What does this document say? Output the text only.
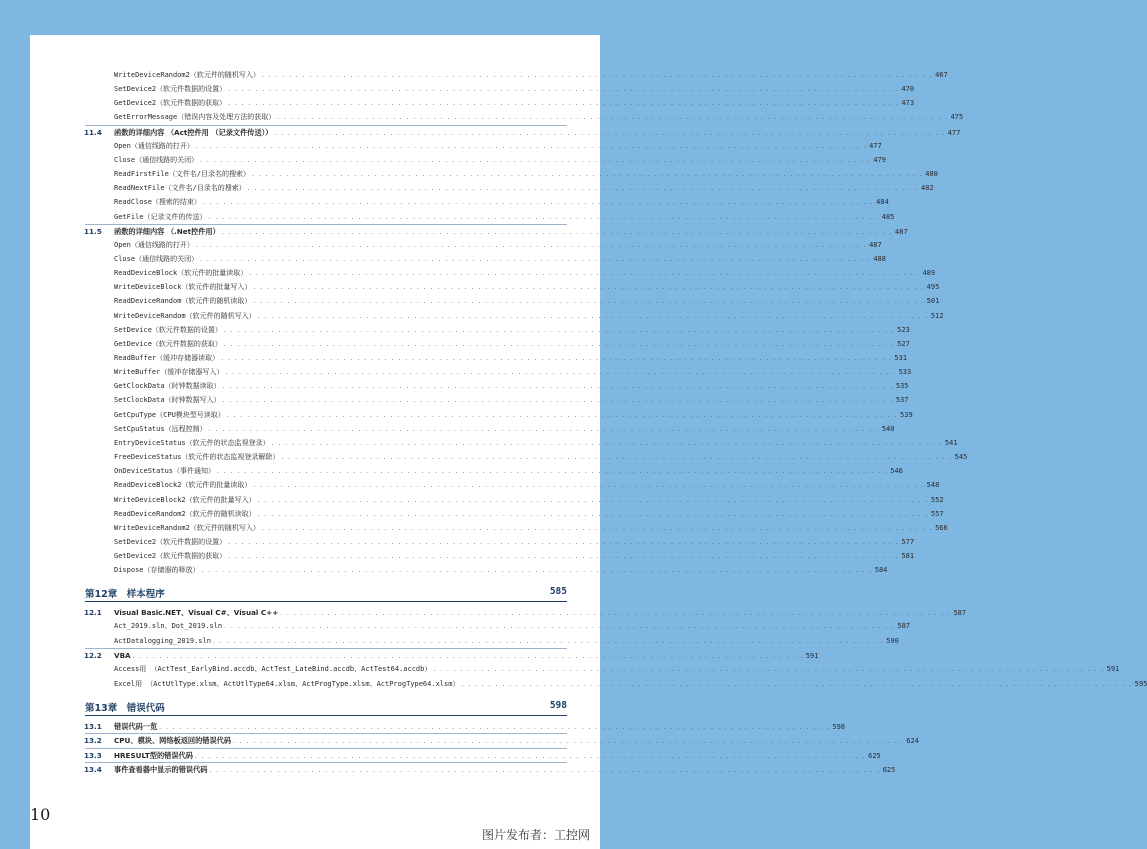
WriteDeviceRandom2（软元件的随机写入） . . . . . . . . . . . . . . . . . . . . . . . . . . . . . . . . . . . . . . . . . . . . . . . . . . . . . . . . . . . . . . . . . . . . . . . . . . . . . . . . . . . . . . . . . . . . . . . . . . . 467
SetDevice2（软元件数据的设置） . . . . . . . . . . . . . . . . . . . . . . . . . . . . . . . . . . . . . . . . . . . . . . . . . . . . . . . . . . . . . . . . . . . . . . . . . . . . . . . . . . . . . . . . . . . . . . . . . . . 470
GetDevice2（软元件数据的获取） . . . . . . . . . . . . . . . . . . . . . . . . . . . . . . . . . . . . . . . . . . . . . . . . . . . . . . . . . . . . . . . . . . . . . . . . . . . . . . . . . . . . . . . . . . . . . . . . . . . 473
GetErrorMessage（错误内容及处理方法的获取） . . . . . . . . . . . . . . . . . . . . . . . . . . . . . . . . . . . . . . . . . . . . . . . . . . . . . . . . . . . . . . . . . . . . . . . . . . . . . . . . . . . . . . . . . . . . . . . . . . . 475
11.4 函数的详细内容 （Act控件用 （记录文件传送）） . . . . . . . . . . . . . . . . . . . . . . . . . . . . . . . . . . . . . . . . . . . . . . . . . . . . . . . . . . . . . . . . . . . . . . . . . . . . . . . . . . . . . . . . . . . . . . . . . . . 477
Open（通信线路的打开） . . . . . . . . . . . . . . . . . . . . . . . . . . . . . . . . . . . . . . . . . . . . . . . . . . . . . . . . . . . . . . . . . . . . . . . . . . . . . . . . . . . . . . . . . . . . . . . . . . . 477
Close（通信线路的关闭） . . . . . . . . . . . . . . . . . . . . . . . . . . . . . . . . . . . . . . . . . . . . . . . . . . . . . . . . . . . . . . . . . . . . . . . . . . . . . . . . . . . . . . . . . . . . . . . . . . . 479
ReadFirstFile（文件名/目录名的搜索） . . . . . . . . . . . . . . . . . . . . . . . . . . . . . . . . . . . . . . . . . . . . . . . . . . . . . . . . . . . . . . . . . . . . . . . . . . . . . . . . . . . . . . . . . . . . . . . . . . . 480
ReadNextFile（文件名/目录名的搜索） . . . . . . . . . . . . . . . . . . . . . . . . . . . . . . . . . . . . . . . . . . . . . . . . . . . . . . . . . . . . . . . . . . . . . . . . . . . . . . . . . . . . . . . . . . . . . . . . . . . 482
ReadClose（搜索的结束） . . . . . . . . . . . . . . . . . . . . . . . . . . . . . . . . . . . . . . . . . . . . . . . . . . . . . . . . . . . . . . . . . . . . . . . . . . . . . . . . . . . . . . . . . . . . . . . . . . . 484
GetFile（记录文件的传送） . . . . . . . . . . . . . . . . . . . . . . . . . . . . . . . . . . . . . . . . . . . . . . . . . . . . . . . . . . . . . . . . . . . . . . . . . . . . . . . . . . . . . . . . . . . . . . . . . . . 485
11.5 函数的详细内容 （.Net控件用） . . . . . . . . . . . . . . . . . . . . . . . . . . . . . . . . . . . . . . . . . . . . . . . . . . . . . . . . . . . . . . . . . . . . . . . . . . . . . . . . . . . . . . . . . . . . . . . . . . . 487
Open（通信线路的打开） . . . . . . . . . . . . . . . . . . . . . . . . . . . . . . . . . . . . . . . . . . . . . . . . . . . . . . . . . . . . . . . . . . . . . . . . . . . . . . . . . . . . . . . . . . . . . . . . . . . 487
Close（通信线路的关闭） . . . . . . . . . . . . . . . . . . . . . . . . . . . . . . . . . . . . . . . . . . . . . . . . . . . . . . . . . . . . . . . . . . . . . . . . . . . . . . . . . . . . . . . . . . . . . . . . . . . 488
ReadDeviceBlock（软元件的批量读取） . . . . . . . . . . . . . . . . . . . . . . . . . . . . . . . . . . . . . . . . . . . . . . . . . . . . . . . . . . . . . . . . . . . . . . . . . . . . . . . . . . . . . . . . . . . . . . . . . . . 489
WriteDeviceBlock（软元件的批量写入） . . . . . . . . . . . . . . . . . . . . . . . . . . . . . . . . . . . . . . . . . . . . . . . . . . . . . . . . . . . . . . . . . . . . . . . . . . . . . . . . . . . . . . . . . . . . . . . . . . . 495
ReadDeviceRandom（软元件的随机读取） . . . . . . . . . . . . . . . . . . . . . . . . . . . . . . . . . . . . . . . . . . . . . . . . . . . . . . . . . . . . . . . . . . . . . . . . . . . . . . . . . . . . . . . . . . . . . . . . . . . 501
WriteDeviceRandom（软元件的随机写入） . . . . . . . . . . . . . . . . . . . . . . . . . . . . . . . . . . . . . . . . . . . . . . . . . . . . . . . . . . . . . . . . . . . . . . . . . . . . . . . . . . . . . . . . . . . . . . . . . . . 512
SetDevice（软元件数据的设置） . . . . . . . . . . . . . . . . . . . . . . . . . . . . . . . . . . . . . . . . . . . . . . . . . . . . . . . . . . . . . . . . . . . . . . . . . . . . . . . . . . . . . . . . . . . . . . . . . . . 523
GetDevice（软元件数据的获取） . . . . . . . . . . . . . . . . . . . . . . . . . . . . . . . . . . . . . . . . . . . . . . . . . . . . . . . . . . . . . . . . . . . . . . . . . . . . . . . . . . . . . . . . . . . . . . . . . . . 527
ReadBuffer（缓冲存储器读取） . . . . . . . . . . . . . . . . . . . . . . . . . . . . . . . . . . . . . . . . . . . . . . . . . . . . . . . . . . . . . . . . . . . . . . . . . . . . . . . . . . . . . . . . . . . . . . . . . . . 531
WriteBuffer（缓冲存储器写入） . . . . . . . . . . . . . . . . . . . . . . . . . . . . . . . . . . . . . . . . . . . . . . . . . . . . . . . . . . . . . . . . . . . . . . . . . . . . . . . . . . . . . . . . . . . . . . . . . . . 533
GetClockData（时钟数据读取） . . . . . . . . . . . . . . . . . . . . . . . . . . . . . . . . . . . . . . . . . . . . . . . . . . . . . . . . . . . . . . . . . . . . . . . . . . . . . . . . . . . . . . . . . . . . . . . . . . . 535
SetClockData（时钟数据写入） . . . . . . . . . . . . . . . . . . . . . . . . . . . . . . . . . . . . . . . . . . . . . . . . . . . . . . . . . . . . . . . . . . . . . . . . . . . . . . . . . . . . . . . . . . . . . . . . . . . 537
GetCpuType（CPU模块型号读取） . . . . . . . . . . . . . . . . . . . . . . . . . . . . . . . . . . . . . . . . . . . . . . . . . . . . . . . . . . . . . . . . . . . . . . . . . . . . . . . . . . . . . . . . . . . . . . . . . . . 539
SetCpuStatus（远程控制） . . . . . . . . . . . . . . . . . . . . . . . . . . . . . . . . . . . . . . . . . . . . . . . . . . . . . . . . . . . . . . . . . . . . . . . . . . . . . . . . . . . . . . . . . . . . . . . . . . . 540
EntryDeviceStatus（软元件的状态监视登录） . . . . . . . . . . . . . . . . . . . . . . . . . . . . . . . . . . . . . . . . . . . . . . . . . . . . . . . . . . . . . . . . . . . . . . . . . . . . . . . . . . . . . . . . . . . . . . . . . . . 541
FreeDeviceStatus（软元件的状态监视登录解除） . . . . . . . . . . . . . . . . . . . . . . . . . . . . . . . . . . . . . . . . . . . . . . . . . . . . . . . . . . . . . . . . . . . . . . . . . . . . . . . . . . . . . . . . . . . . . . . . . . . 545
OnDeviceStatus（事件通知） . . . . . . . . . . . . . . . . . . . . . . . . . . . . . . . . . . . . . . . . . . . . . . . . . . . . . . . . . . . . . . . . . . . . . . . . . . . . . . . . . . . . . . . . . . . . . . . . . . . 546
ReadDeviceBlock2（软元件的批量读取） . . . . . . . . . . . . . . . . . . . . . . . . . . . . . . . . . . . . . . . . . . . . . . . . . . . . . . . . . . . . . . . . . . . . . . . . . . . . . . . . . . . . . . . . . . . . . . . . . . . 548
WriteDeviceBlock2（软元件的批量写入） . . . . . . . . . . . . . . . . . . . . . . . . . . . . . . . . . . . . . . . . . . . . . . . . . . . . . . . . . . . . . . . . . . . . . . . . . . . . . . . . . . . . . . . . . . . . . . . . . . . 552
ReadDeviceRandom2（软元件的随机读取） . . . . . . . . . . . . . . . . . . . . . . . . . . . . . . . . . . . . . . . . . . . . . . . . . . . . . . . . . . . . . . . . . . . . . . . . . . . . . . . . . . . . . . . . . . . . . . . . . . . 557
WriteDeviceRandom2（软元件的随机写入） . . . . . . . . . . . . . . . . . . . . . . . . . . . . . . . . . . . . . . . . . . . . . . . . . . . . . . . . . . . . . . . . . . . . . . . . . . . . . . . . . . . . . . . . . . . . . . . . . . . 566
SetDevice2（软元件数据的设置） . . . . . . . . . . . . . . . . . . . . . . . . . . . . . . . . . . . . . . . . . . . . . . . . . . . . . . . . . . . . . . . . . . . . . . . . . . . . . . . . . . . . . . . . . . . . . . . . . . . 577
GetDevice2（软元件数据的获取） . . . . . . . . . . . . . . . . . . . . . . . . . . . . . . . . . . . . . . . . . . . . . . . . . . . . . . . . . . . . . . . . . . . . . . . . . . . . . . . . . . . . . . . . . . . . . . . . . . . 581
Dispose（存储器的释放） . . . . . . . . . . . . . . . . . . . . . . . . . . . . . . . . . . . . . . . . . . . . . . . . . . . . . . . . . . . . . . . . . . . . . . . . . . . . . . . . . . . . . . . . . . . . . . . . . . . 584
12.1 Visual Basic.NET、Visual C#、Visual C++ . . . . . . . . . . . . . . . . . . . . . . . . . . . . . . . . . . . . . . . . . . . . . . . . . . . . . . . . . . . . . . . . . . . . . . . . . . . . . . . . . . . . . . . . . . . . . . . . . . . 587
Act_2019.sln、Dot_2019.sln . . . . . . . . . . . . . . . . . . . . . . . . . . . . . . . . . . . . . . . . . . . . . . . . . . . . . . . . . . . . . . . . . . . . . . . . . . . . . . . . . . . . . . . . . . . . . . . . . . . 587
ActDatalogging_2019.sln . . . . . . . . . . . . . . . . . . . . . . . . . . . . . . . . . . . . . . . . . . . . . . . . . . . . . . . . . . . . . . . . . . . . . . . . . . . . . . . . . . . . . . . . . . . . . . . . . . . 590
12.2 VBA . . . . . . . . . . . . . . . . . . . . . . . . . . . . . . . . . . . . . . . . . . . . . . . . . . . . . . . . . . . . . . . . . . . . . . . . . . . . . . . . . . . . . . . . . . . . . . . . . . . 591
Access用 （ActTest_EarlyBind.accdb、ActTest_LateBind.accdb、ActTest64.accdb） . . . . . . . . . . . . . . . . . . . . . . . . . . . . . . . . . . . . . . . . . . . . . . . . . . . . . . . . . . . . . . . . . . . . . . . . . . . . . . . . . . . . . . . . . . . . . . . . . . . 591
Excel用 （ActUtlType.xlsm、ActUtlType64.xlsm、ActProgType.xlsm、ActProgType64.xlsm） . . . . . . . . . . . . . . . . . . . . . . . . . . . . . . . . . . . . . . . . . . . . . . . . . . . . . . . . . . . . . . . . . . . . . . . . . . . . . . . . . . . . . . . . . . . . . . . . . . . 595
13.1 错误代码一览 . . . . . . . . . . . . . . . . . . . . . . . . . . . . . . . . . . . . . . . . . . . . . . . . . . . . . . . . . . . . . . . . . . . . . . . . . . . . . . . . . . . . . . . . . . . . . . . . . . . 598
13.2 CPU、模块、网络板返回的错误代码 . . . . . . . . . . . . . . . . . . . . . . . . . . . . . . . . . . . . . . . . . . . . . . . . . . . . . . . . . . . . . . . . . . . . . . . . . . . . . . . . . . . . . . . . . . . . . . . . . . . 624
13.3 HRESULT型的错误代码 . . . . . . . . . . . . . . . . . . . . . . . . . . . . . . . . . . . . . . . . . . . . . . . . . . . . . . . . . . . . . . . . . . . . . . . . . . . . . . . . . . . . . . . . . . . . . . . . . . . 625
13.4 事件查看器中显示的错误代码 . . . . . . . . . . . . . . . . . . . . . . . . . . . . . . . . . . . . . . . . . . . . . . . . . . . . . . . . . . . . . . . . . . . . . . . . . . . . . . . . . . . . . . . . . . . . . . . . . . . 625
第12章　样本程序	585
第13章　错误代码	598
10
图片发布者：工控网
